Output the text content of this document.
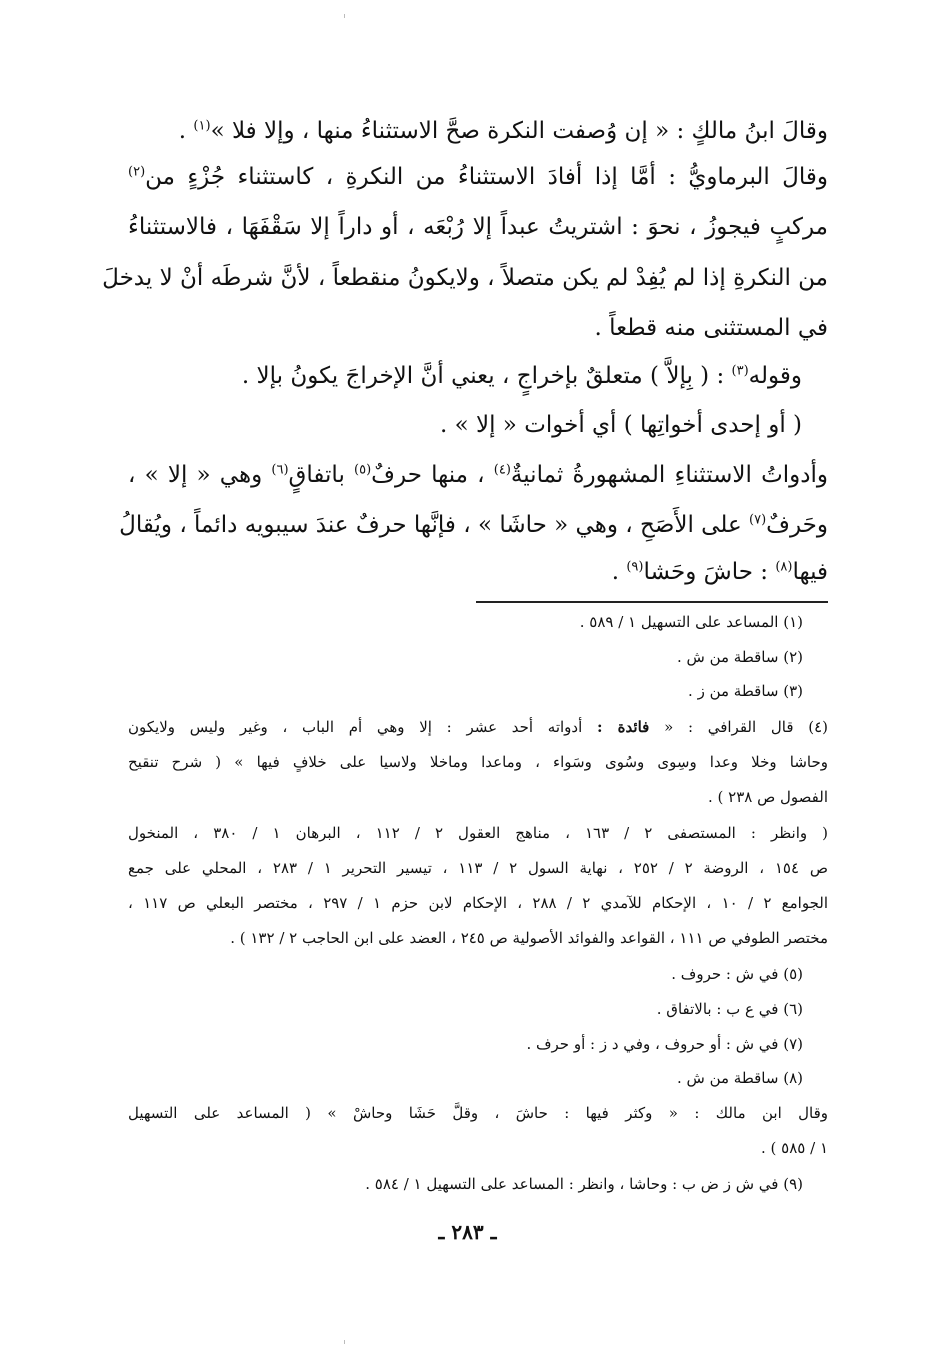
وقالَ ابنُ مالكٍ : « إن وُصفت النكرة صحَّ الاستثناءُ منها ، وإلا فلا »$^{(١)}$ .
وقالَ البرماويُّ : أمَّا إذا أفادَ الاستثناءُ من النكرةِ ، كاستثناء جُزْءٍ من$^{(٢)}$
مركبٍ فيجوزُ ، نحوَ : اشتريتُ عبداً إلا رُبْعَه ، أو داراً إلا سَقْفَهَا ، فالاستثناءُ
من النكرةِ إذا لم يُفِدْ لم يكن متصلاً ، ولايكونُ منقطعاً ، لأنَّ شرطَه أنْ لا يدخلَ
في المستثنى منه قطعاً .
وقوله$^{(٣)}$ : ( بِإلاَّ ) متعلقٌ بإخراجٍ ، يعني أنَّ الإخراجَ يكونُ بإلا .
( أو إحدى أخواتِها ) أي أخوات « إلا » .
وأدواتُ الاستثناءِ المشهورةُ ثمانيةٌ$^{(٤)}$ ، منها حرفٌ$^{(٥)}$ باتفاقٍ$^{(٦)}$ وهي « إلا » ،
وحَرفٌ$^{(٧)}$ على الأَصَحِ ، وهي « حاشَا » ، فإنَّها حرفٌ عندَ سيبويه دائماً ، ويُقالُ
فيها$^{(٨)}$ : حاشَ وحَشا$^{(٩)}$ .
(١) المساعد على التسهيل ١ / ٥٨٩ .
(٢) ساقطة من ش .
(٣) ساقطة من ز .
(٤) قال القرافي : « فائدة : أدواته أحد عشر : إلا وهي أم الباب ، وغير وليس ولايكون
وحاشا وخلا وعدا وسِوى وسُوى وسَواء ، وماعدا وماخلا ولاسيا على خلافٍ فيها » ( شرح تنقيح
الفصول ص ٢٣٨ ) .
( وانظر : المستصفى ٢ / ١٦٣ ، مناهج العقول ٢ / ١١٢ ، البرهان ١ / ٣٨٠ ، المنخول
ص ١٥٤ ، الروضة ٢ / ٢٥٢ ، نهاية السول ٢ / ١١٣ ، تيسير التحرير ١ / ٢٨٣ ، المحلي على جمع
الجوامع ٢ / ١٠ ، الإحكام للآمدي ٢ / ٢٨٨ ، الإحكام لابن حزم ١ / ٢٩٧ ، مختصر البعلي ص ١١٧ ،
مختصر الطوفي ص ١١١ ، القواعد والفوائد الأصولية ص ٢٤٥ ، العضد على ابن الحاجب ٢ / ١٣٢ ) .
(٥) في ش : حروف .
(٦) في ع ب : بالاتفاق .
(٧) في ش : أو حروف ، وفي د ز : أو حرف .
(٨) ساقطة من ش .
وقال ابن مالك : « وكثر فيها : حاشَ ، وقلَّ حَشَا وحاشْ » ( المساعد على التسهيل
١ / ٥٨٥ ) .
(٩) في ش ز ض ب : وحاشا ، وانظر : المساعد على التسهيل ١ / ٥٨٤ .
ـ ٢٨٣ ـ
